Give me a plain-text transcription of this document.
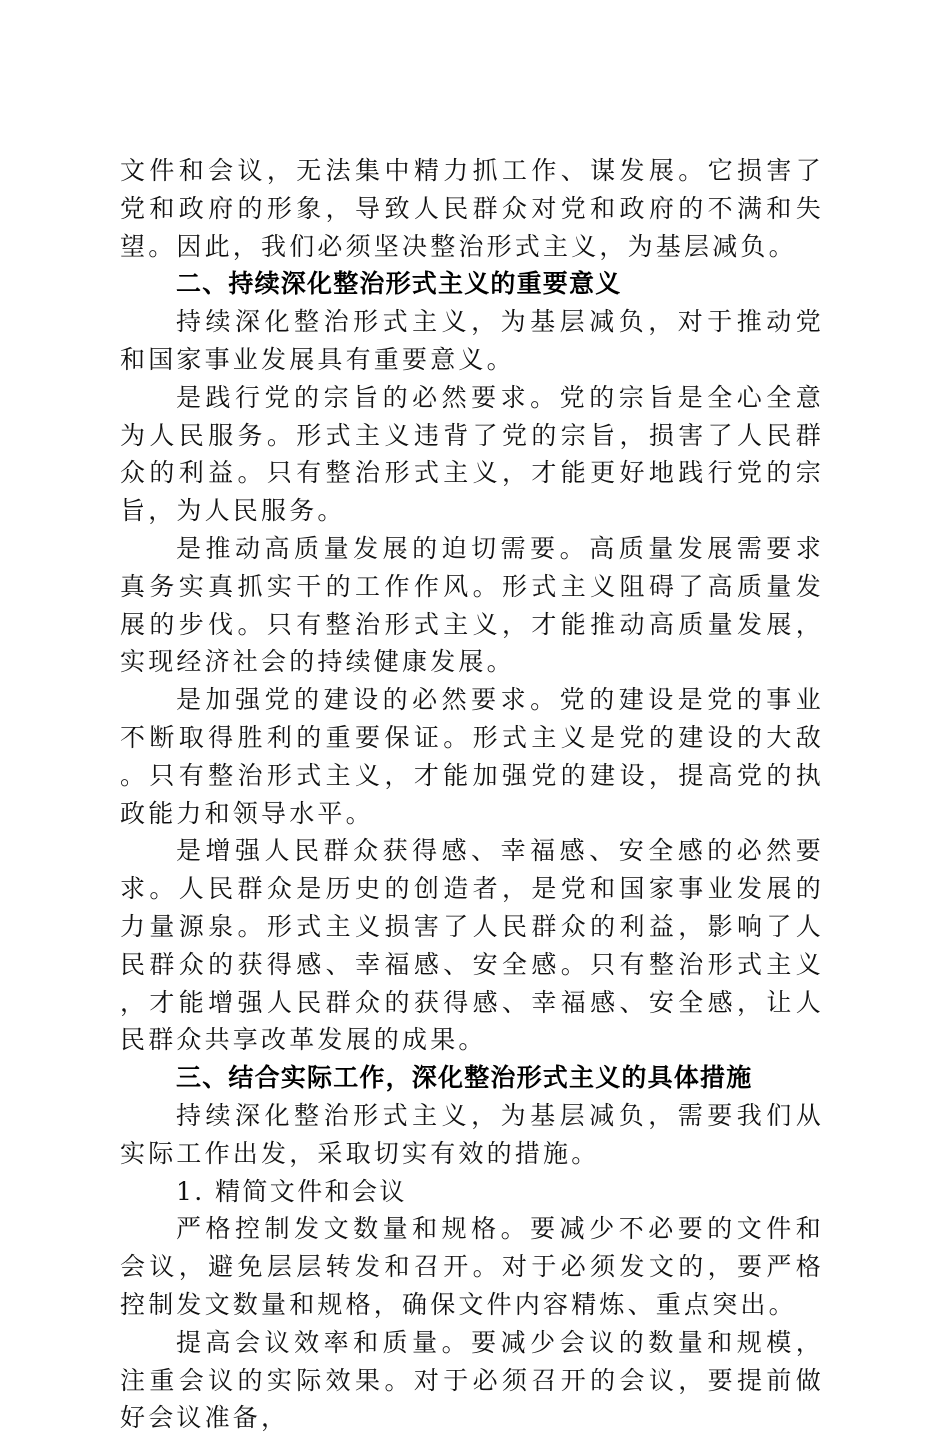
文件和会议，无法集中精力抓工作、谋发展。它损害了党和政府的形象，导致人民群众对党和政府的不满和失望。因此，我们必须坚决整治形式主义，为基层减负。

二、持续深化整治形式主义的重要意义

持续深化整治形式主义，为基层减负，对于推动党和国家事业发展具有重要意义。

是践行党的宗旨的必然要求。党的宗旨是全心全意为人民服务。形式主义违背了党的宗旨，损害了人民群众的利益。只有整治形式主义，才能更好地践行党的宗旨，为人民服务。

是推动高质量发展的迫切需要。高质量发展需要求真务实真抓实干的工作作风。形式主义阻碍了高质量发展的步伐。只有整治形式主义，才能推动高质量发展，实现经济社会的持续健康发展。

是加强党的建设的必然要求。党的建设是党的事业不断取得胜利的重要保证。形式主义是党的建设的大敌。只有整治形式主义，才能加强党的建设，提高党的执政能力和领导水平。

是增强人民群众获得感、幸福感、安全感的必然要求。人民群众是历史的创造者，是党和国家事业发展的力量源泉。形式主义损害了人民群众的利益，影响了人民群众的获得感、幸福感、安全感。只有整治形式主义，才能增强人民群众的获得感、幸福感、安全感，让人民群众共享改革发展的成果。

三、结合实际工作，深化整治形式主义的具体措施

持续深化整治形式主义，为基层减负，需要我们从实际工作出发，采取切实有效的措施。

1. 精简文件和会议

严格控制发文数量和规格。要减少不必要的文件和会议，避免层层转发和召开。对于必须发文的，要严格控制发文数量和规格，确保文件内容精炼、重点突出。

提高会议效率和质量。要减少会议的数量和规模，注重会议的实际效果。对于必须召开的会议，要提前做好会议准备，
